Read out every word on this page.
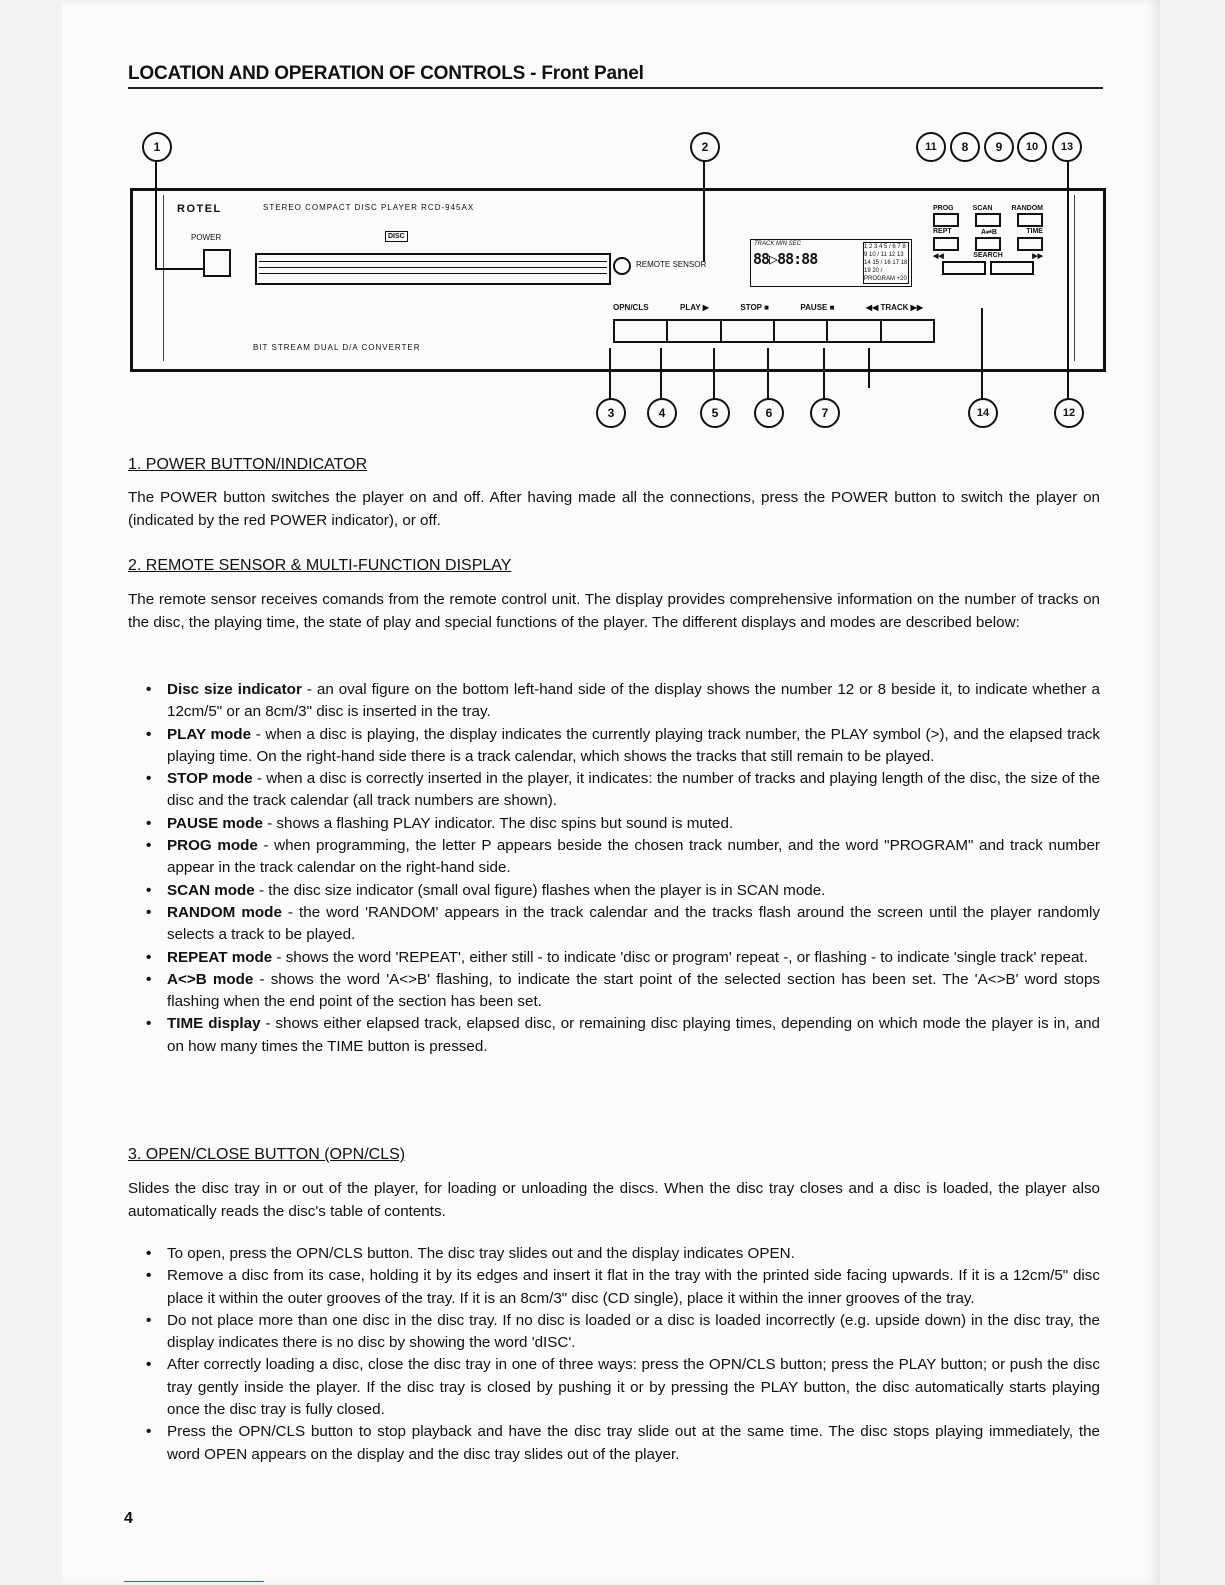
LOCATION AND OPERATION OF CONTROLS - Front Panel
1	2	11	8	9	10	13
ROTEL	STEREO COMPACT DISC PLAYER RCD-945AX
POWER	DISC
BIT STREAM DUAL D/A CONVERTER
REMOTE SENSOR
TRACK MIN SEC
88▷88:88
1 2 3 4 5 / 6 7 8 9 10 / 11 12 13 14 15 / 16 17 18 19 20 / PROGRAM +20
OPN/CLS	PLAY ▶	STOP ■	PAUSE ■	◀◀ TRACK ▶▶
PROG	SCAN	RANDOM
REPT	A⇌B	TIME
◀◀	SEARCH	▶▶
3	4	5	6	7	14	12
1. POWER BUTTON/INDICATOR
The POWER button switches the player on and off. After having made all the connections, press the POWER button to switch the player on (indicated by the red POWER indicator), or off.
2. REMOTE SENSOR & MULTI-FUNCTION DISPLAY
The remote sensor receives comands from the remote control unit. The display provides comprehensive information on the number of tracks on the disc, the playing time, the state of play and special functions of the player. The different displays and modes are described below:
• Disc size indicator - an oval figure on the bottom left-hand side of the display shows the number 12 or 8 beside it, to indicate whether a 12cm/5" or an 8cm/3" disc is inserted in the tray.
• PLAY mode - when a disc is playing, the display indicates the currently playing track number, the PLAY symbol (>), and the elapsed track playing time. On the right-hand side there is a track calendar, which shows the tracks that still remain to be played.
• STOP mode - when a disc is correctly inserted in the player, it indicates: the number of tracks and playing length of the disc, the size of the disc and the track calendar (all track numbers are shown).
• PAUSE mode - shows a flashing PLAY indicator. The disc spins but sound is muted.
• PROG mode - when programming, the letter P appears beside the chosen track number, and the word "PROGRAM" and track number appear in the track calendar on the right-hand side.
• SCAN mode - the disc size indicator (small oval figure) flashes when the player is in SCAN mode.
• RANDOM mode - the word 'RANDOM' appears in the track calendar and the tracks flash around the screen until the player randomly selects a track to be played.
• REPEAT mode - shows the word 'REPEAT', either still - to indicate 'disc or program' repeat -, or flashing - to indicate 'single track' repeat.
• A<>B mode - shows the word 'A<>B' flashing, to indicate the start point of the selected section has been set. The 'A<>B' word stops flashing when the end point of the section has been set.
• TIME display - shows either elapsed track, elapsed disc, or remaining disc playing times, depending on which mode the player is in, and on how many times the TIME button is pressed.
3. OPEN/CLOSE BUTTON (OPN/CLS)
Slides the disc tray in or out of the player, for loading or unloading the discs. When the disc tray closes and a disc is loaded, the player also automatically reads the disc's table of contents.
• To open, press the OPN/CLS button. The disc tray slides out and the display indicates OPEN.
• Remove a disc from its case, holding it by its edges and insert it flat in the tray with the printed side facing upwards. If it is a 12cm/5" disc place it within the outer grooves of the tray. If it is an 8cm/3" disc (CD single), place it within the inner grooves of the tray.
• Do not place more than one disc in the disc tray. If no disc is loaded or a disc is loaded incorrectly (e.g. upside down) in the disc tray, the display indicates there is no disc by showing the word 'dISC'.
• After correctly loading a disc, close the disc tray in one of three ways: press the OPN/CLS button; press the PLAY button; or push the disc tray gently inside the player. If the disc tray is closed by pushing it or by pressing the PLAY button, the disc automatically starts playing once the disc tray is fully closed.
• Press the OPN/CLS button to stop playback and have the disc tray slide out at the same time. The disc stops playing immediately, the word OPEN appears on the display and the disc tray slides out of the player.
4
